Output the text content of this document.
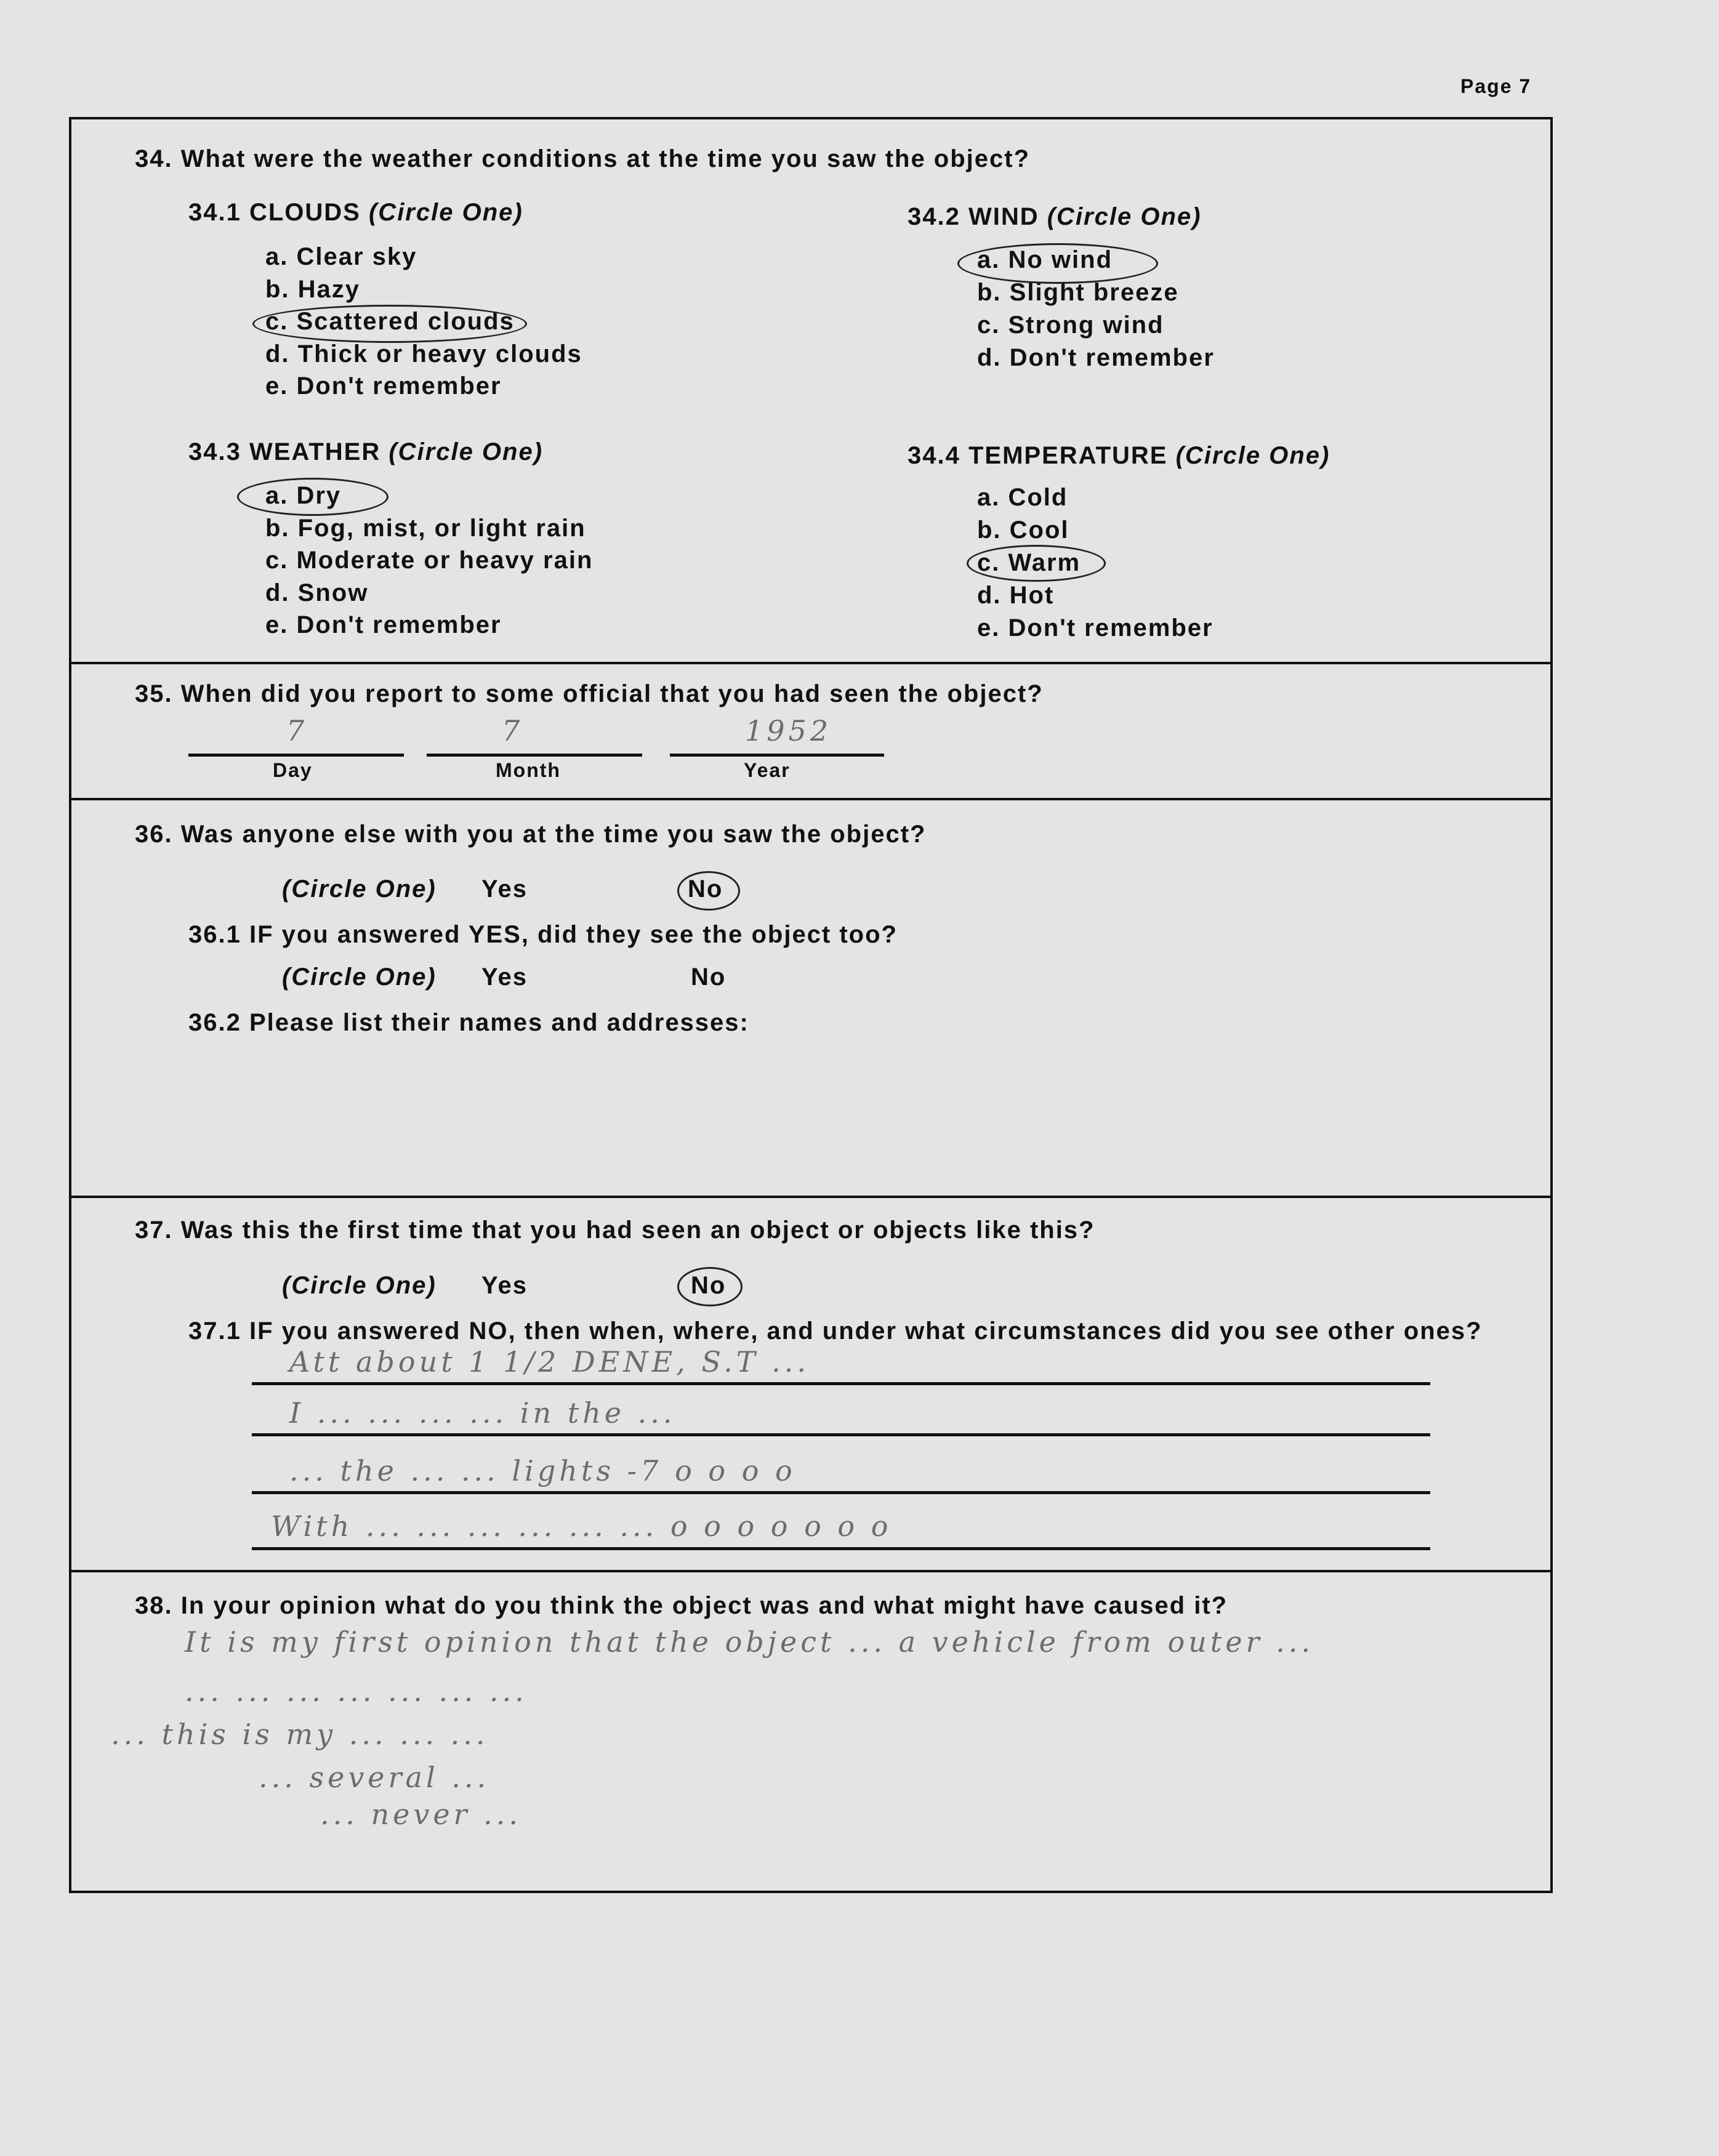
Page 7
34. What were the weather conditions at the time you saw the object?
34.1 CLOUDS (Circle One)
a. Clear sky
b. Hazy
c. Scattered clouds
d. Thick or heavy clouds
e. Don't remember
34.2 WIND (Circle One)
a. No wind
b. Slight breeze
c. Strong wind
d. Don't remember
34.3 WEATHER (Circle One)
a. Dry
b. Fog, mist, or light rain
c. Moderate or heavy rain
d. Snow
e. Don't remember
34.4 TEMPERATURE (Circle One)
a. Cold
b. Cool
c. Warm
d. Hot
e. Don't remember
35. When did you report to some official that you had seen the object?
7	7	1952
Day	Month	Year
36. Was anyone else with you at the time you saw the object?
(Circle One) Yes	No
36.1 IF you answered YES, did they see the object too?
(Circle One) Yes	No
36.2 Please list their names and addresses:
37. Was this the first time that you had seen an object or objects like this?
(Circle One) Yes	No
37.1 IF you answered NO, then when, where, and under what circumstances did you see other ones?
Att about 1 1/2 DENE, S.T ...
I ... ... ... ... in the ...
... the ... ... lights -7 o o o o
With ... ... ... ... ... ... o o o o o o o
38. In your opinion what do you think the object was and what might have caused it?
It is my first opinion that the object ... a vehicle from outer ...
... ... ... ... ... ... ...
... this is my ... ... ...
... several ...
... never ...
